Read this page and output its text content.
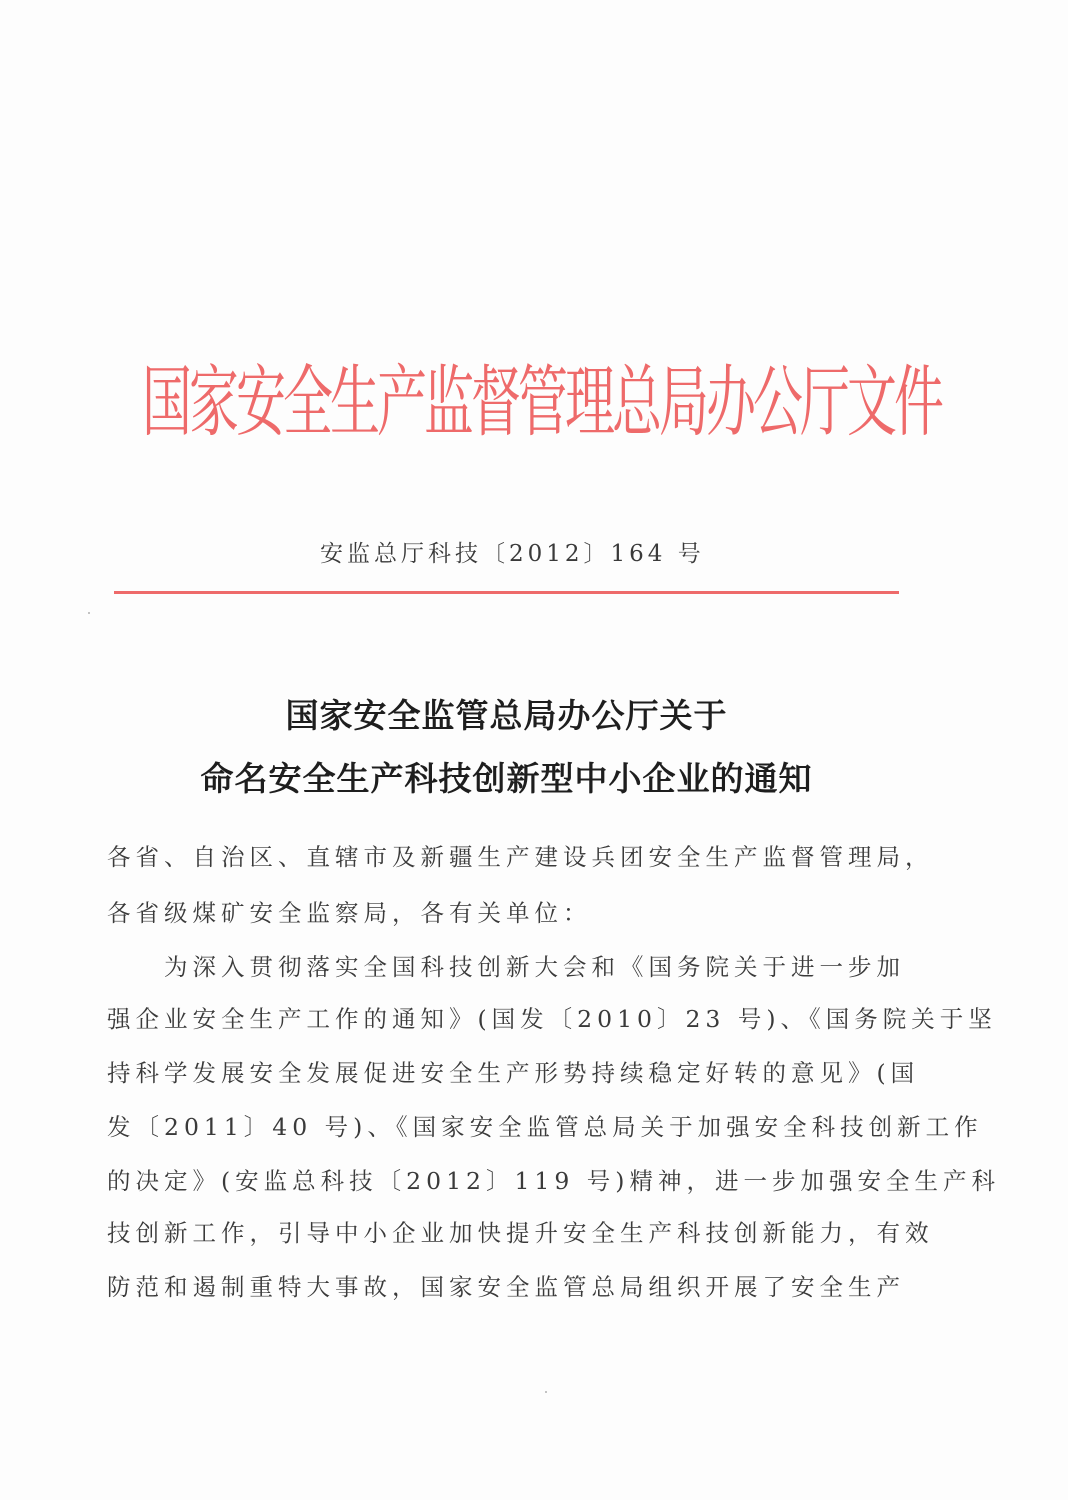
国家安全生产监督管理总局办公厅文件
安监总厅科技〔2012〕164 号
国家安全监管总局办公厅关于
命名安全生产科技创新型中小企业的通知

各省、自治区、直辖市及新疆生产建设兵团安全生产监督管理局，

各省级煤矿安全监察局，各有关单位：

　　为深入贯彻落实全国科技创新大会和《国务院关于进一步加

强企业安全生产工作的通知》(国发〔2010〕23 号)、《国务院关于坚

持科学发展安全发展促进安全生产形势持续稳定好转的意见》(国

发〔2011〕40 号)、《国家安全监管总局关于加强安全科技创新工作

的决定》(安监总科技〔2012〕119 号)精神，进一步加强安全生产科

技创新工作，引导中小企业加快提升安全生产科技创新能力，有效

防范和遏制重特大事故，国家安全监管总局组织开展了安全生产
